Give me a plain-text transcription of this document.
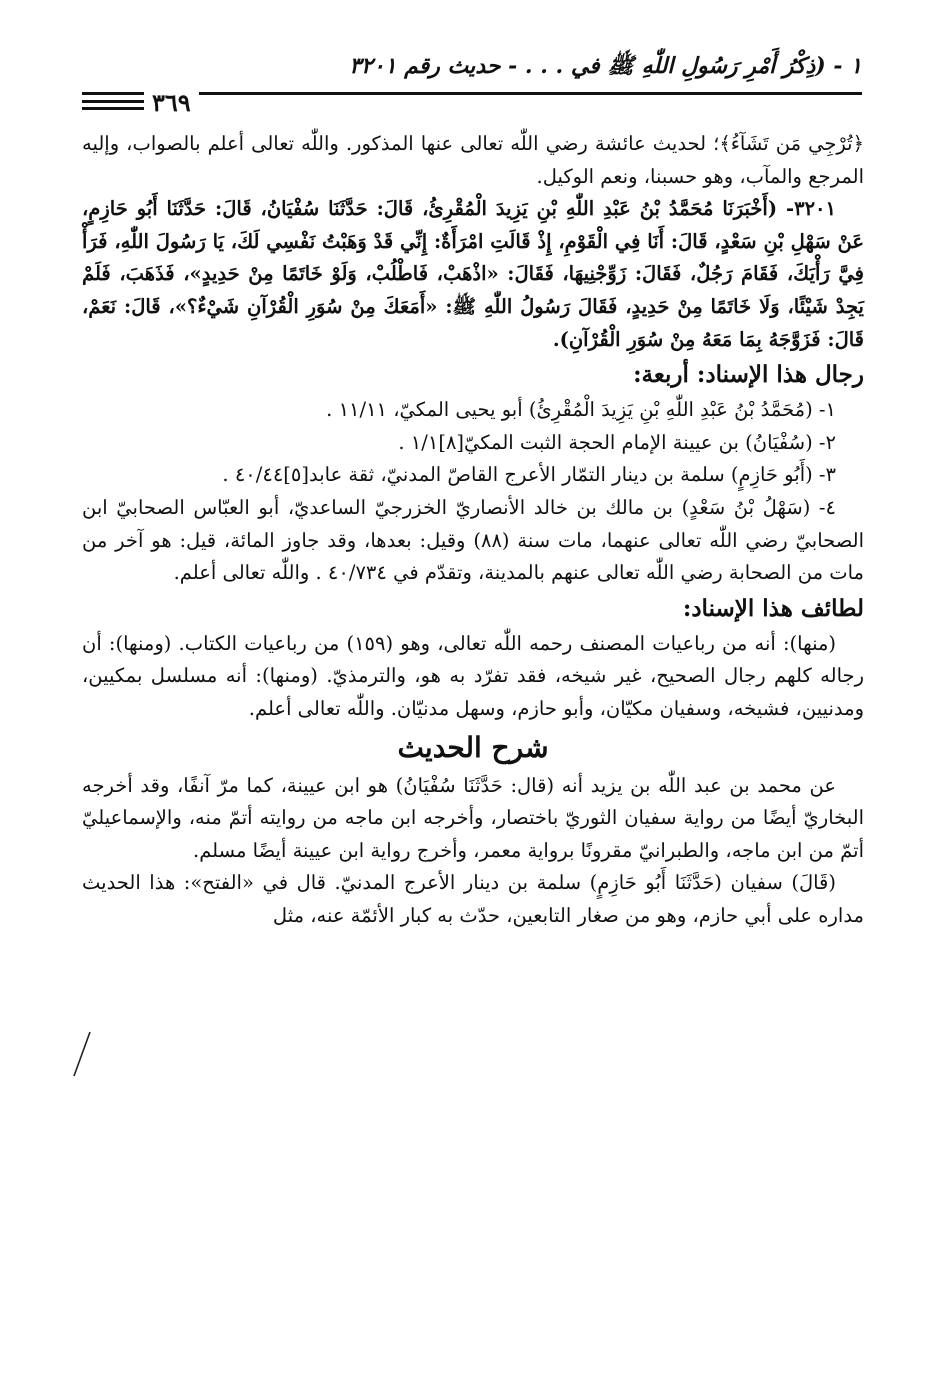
١ - (ذِكْرُ أَمْرِ رَسُولِ اللّٰهِ ﷺ في . . . - حديث رقم ٣٢٠١
٣٦٩

﴿تُرْجِي مَن تَشَآءُ﴾؛ لحديث عائشة رضي اللّٰه تعالى عنها المذكور. واللّٰه تعالى أعلم بالصواب، وإليه المرجع والمآب، وهو حسبنا، ونعم الوكيل.

٣٢٠١- (أَخْبَرَنَا مُحَمَّدُ بْنُ عَبْدِ اللّٰهِ بْنِ يَزِيدَ الْمُقْرِئُ، قَالَ: حَدَّثَنَا سُفْيَانُ، قَالَ: حَدَّثَنَا أَبُو حَازِمٍ، عَنْ سَهْلِ بْنِ سَعْدٍ، قَالَ: أَنَا فِي الْقَوْمِ، إِذْ قَالَتِ امْرَأَةٌ: إِنِّي قَدْ وَهَبْتُ نَفْسِي لَكَ، يَا رَسُولَ اللّٰهِ، فَرَأْ فِيَّ رَأْيَكَ، فَقَامَ رَجُلٌ، فَقَالَ: زَوِّجْنِيهَا، فَقَالَ: «اذْهَبْ، فَاطْلُبْ، وَلَوْ خَاتَمًا مِنْ حَدِيدٍ»، فَذَهَبَ، فَلَمْ يَجِدْ شَيْئًا، وَلَا خَاتَمًا مِنْ حَدِيدٍ، فَقَالَ رَسُولُ اللّٰهِ ﷺ: «أَمَعَكَ مِنْ سُوَرِ الْقُرْآنِ شَيْءٌ؟»، قَالَ: نَعَمْ، قَالَ: فَزَوَّجَهُ بِمَا مَعَهُ مِنْ سُوَرِ الْقُرْآنِ).

رجال هذا الإسناد: أربعة:

١- (مُحَمَّدُ بْنُ عَبْدِ اللّٰهِ بْنِ يَزِيدَ الْمُقْرِئُ) أبو يحيى المكيّ، ١١/١١ .

٢- (سُفْيَانُ) بن عيينة الإمام الحجة الثبت المكيّ[٨]١/١ .

٣- (أَبُو حَازِمٍ) سلمة بن دينار التمّار الأعرج القاصّ المدنيّ، ثقة عابد[٥]٤٠/٤٤ .

٤- (سَهْلُ بْنُ سَعْدٍ) بن مالك بن خالد الأنصاريّ الخزرجيّ الساعديّ، أبو العبّاس الصحابيّ ابن الصحابيّ رضي اللّٰه تعالى عنهما، مات سنة (٨٨) وقيل: بعدها، وقد جاوز المائة، قيل: هو آخر من مات من الصحابة رضي اللّٰه تعالى عنهم بالمدينة، وتقدّم في ٤٠/٧٣٤ . واللّٰه تعالى أعلم.

لطائف هذا الإسناد:

(منها): أنه من رباعيات المصنف رحمه اللّٰه تعالى، وهو (١٥٩) من رباعيات الكتاب. (ومنها): أن رجاله كلهم رجال الصحيح، غير شيخه، فقد تفرّد به هو، والترمذيّ. (ومنها): أنه مسلسل بمكيين، ومدنيين، فشيخه، وسفيان مكيّان، وأبو حازم، وسهل مدنيّان. واللّٰه تعالى أعلم.

شرح الحديث

عن محمد بن عبد اللّٰه بن يزيد أنه (قال: حَدَّثَنَا سُفْيَانُ) هو ابن عيينة، كما مرّ آنفًا، وقد أخرجه البخاريّ أيضًا من رواية سفيان الثوريّ باختصار، وأخرجه ابن ماجه من روايته أتمّ منه، والإسماعيليّ أتمّ من ابن ماجه، والطبرانيّ مقرونًا برواية معمر، وأخرج رواية ابن عيينة أيضًا مسلم.

(قَالَ) سفيان (حَدَّثَنَا أَبُو حَازِمٍ) سلمة بن دينار الأعرج المدنيّ. قال في «الفتح»: هذا الحديث مداره على أبي حازم، وهو من صغار التابعين، حدّث به كبار الأئمّة عنه، مثل
